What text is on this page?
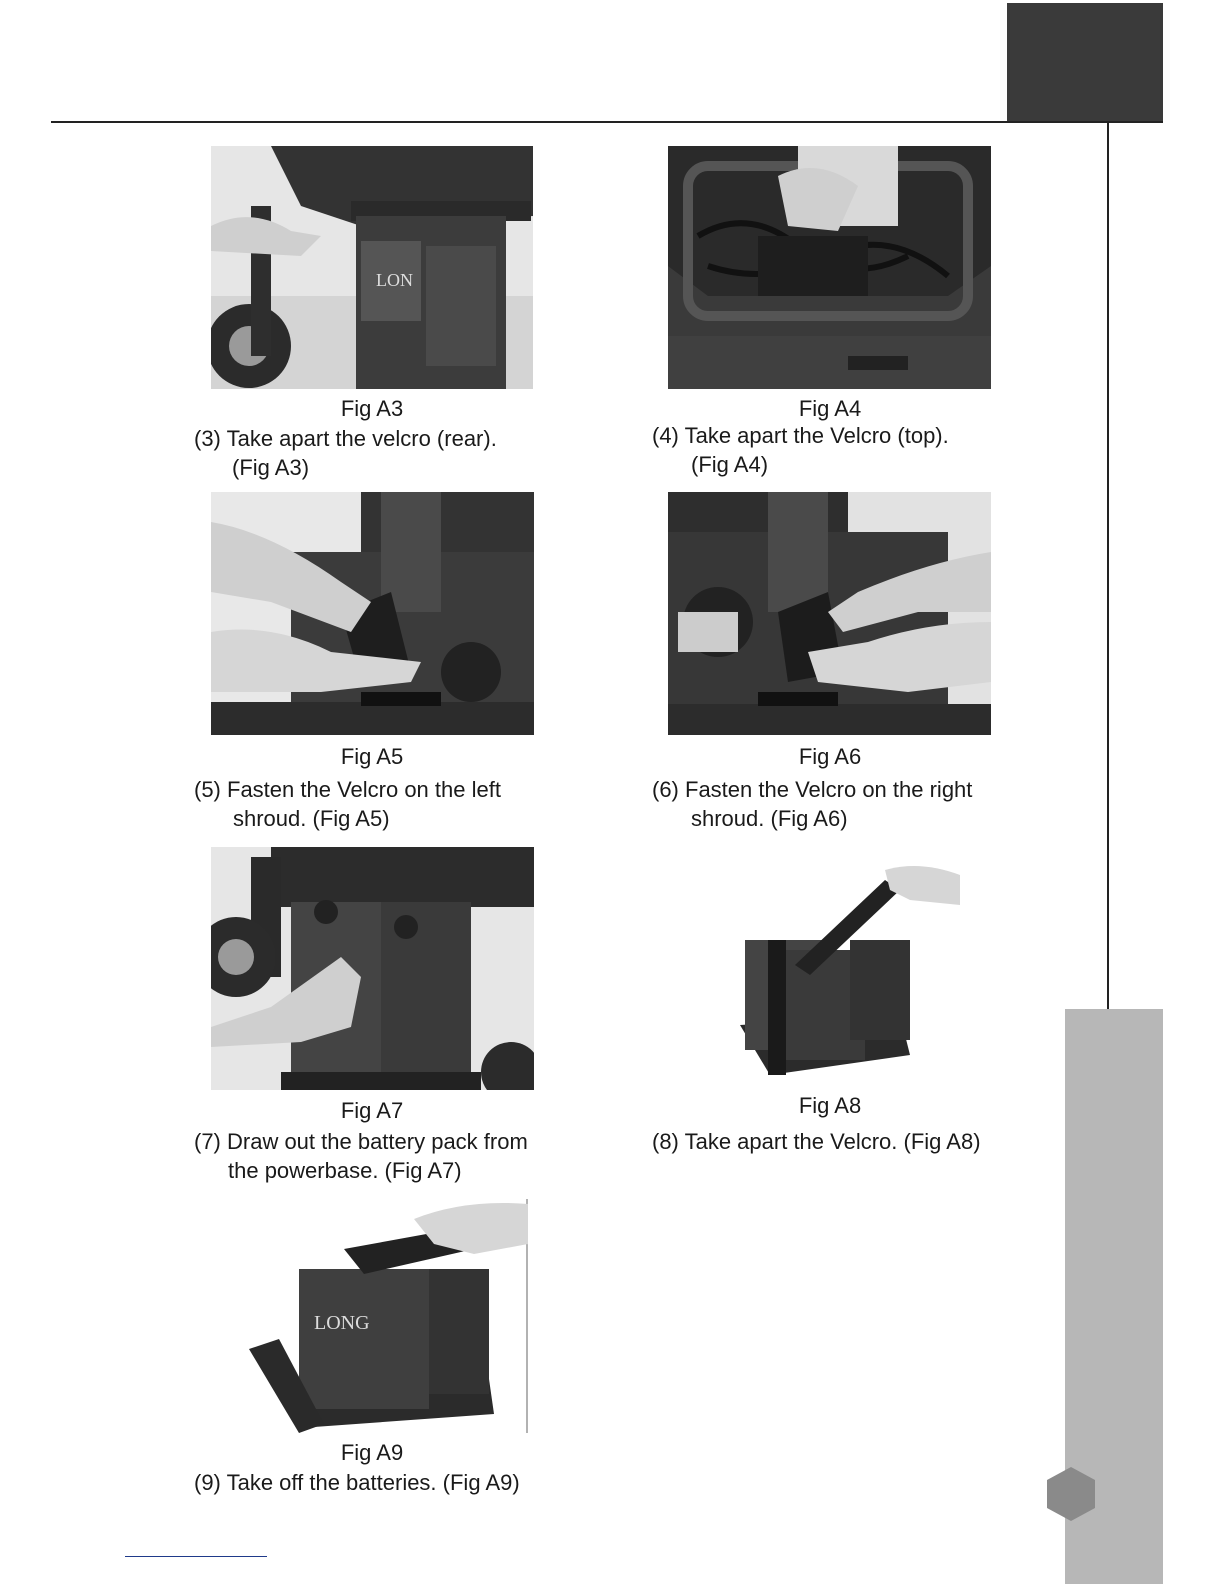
LON
Fig A3
(3) Take apart the velcro (rear).
(Fig A3)
Fig A4
(4) Take apart the Velcro (top).
(Fig A4)
Fig A5
(5) Fasten the Velcro on the left
shroud. (Fig A5)
Fig A6
(6) Fasten the Velcro on the right
shroud. (Fig A6)
Fig A7
(7) Draw out the battery pack from
the powerbase. (Fig A7)
Fig A8
(8) Take apart the Velcro. (Fig A8)
LONG
Fig A9
(9) Take off the batteries. (Fig A9)
